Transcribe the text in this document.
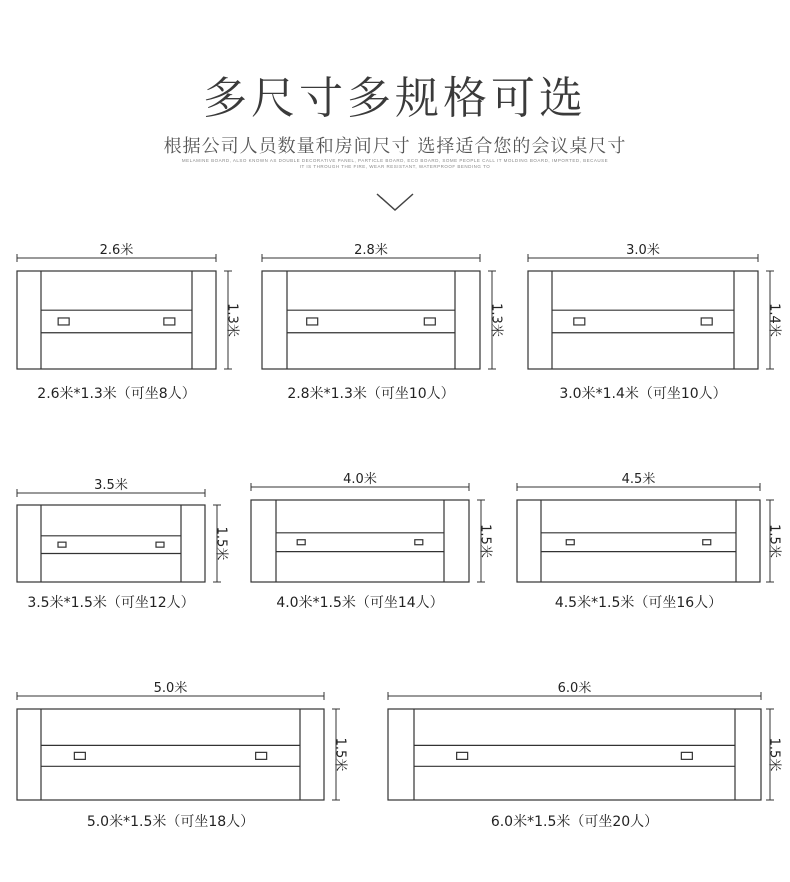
多尺寸多规格可选
根据公司人员数量和房间尺寸 选择适合您的会议桌尺寸
MELAMINE BOARD, ALSO KNOWN AS DOUBLE DECORATIVE PANEL, PARTICLE BOARD, ECO BOARD, SOME PEOPLE CALL IT MOLDING BOARD, IMPORTED, BECAUSE IT IS THROUGH THE FIRE, WEAR RESISTANT, WATERPROOF BENDING TO
2.6米
1.3米
2.6米*1.3米（可坐8人）
2.8米
1.3米
2.8米*1.3米（可坐10人）
3.0米
1.4米
3.0米*1.4米（可坐10人）
3.5米
1.5米
3.5米*1.5米（可坐12人）
4.0米
1.5米
4.0米*1.5米（可坐14人）
4.5米
1.5米
4.5米*1.5米（可坐16人）
5.0米
1.5米
5.0米*1.5米（可坐18人）
6.0米
1.5米
6.0米*1.5米（可坐20人）
